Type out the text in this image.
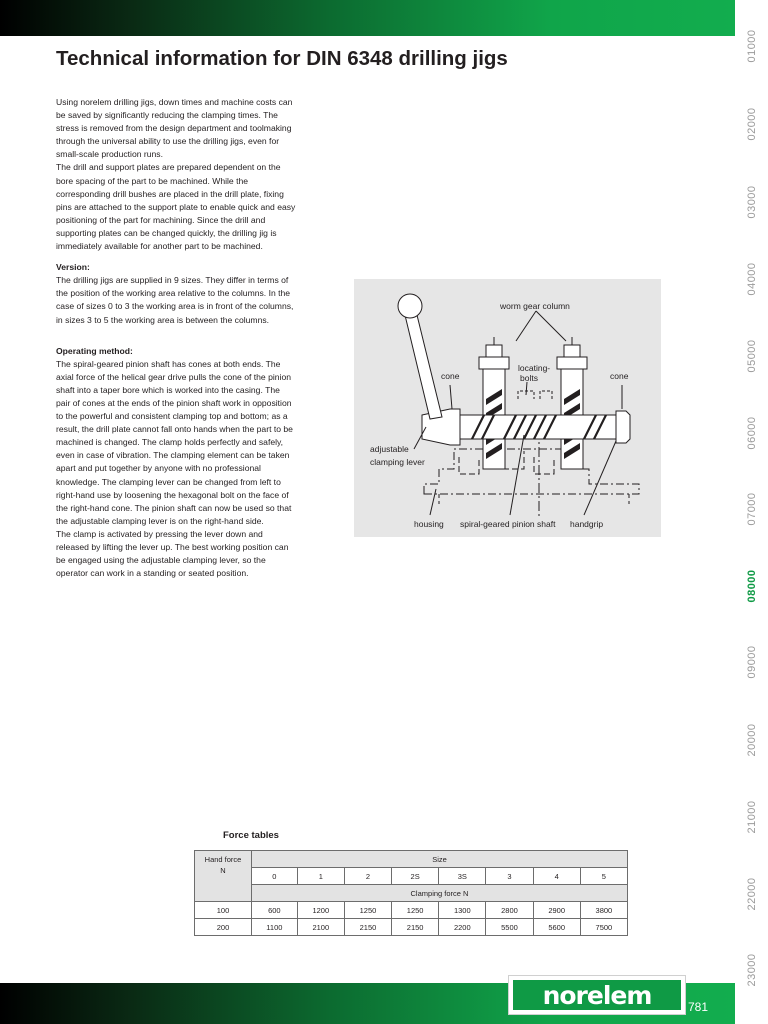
01000
02000
03000
04000
05000
06000
07000
08000
09000
20000
21000
22000
23000
Technical information for DIN 6348 drilling jigs

Using norelem drilling jigs, down times and machine costs can be saved by significantly reducing the clamping times. The stress is removed from the design department and toolmaking through the universal ability to use the drilling jigs, even for small-scale production runs.

The drill and support plates are prepared dependent on the bore spacing of the part to be machined. While the corresponding drill bushes are placed in the drill plate, fixing pins are attached to the support plate to enable quick and easy positioning of the part for machining. Since the drill and supporting plates can be changed quickly, the drilling jig is immediately available for another part to be machined.

Version:

The drilling jigs are supplied in 9 sizes. They differ in terms of the position of the working area relative to the columns. In the case of sizes 0 to 3 the working area is in front of the columns, in sizes 3 to 5 the working area is between the columns.

Operating method:

The spiral-geared pinion shaft has cones at both ends. The axial force of the helical gear drive pulls the cone of the pinion shaft into a taper bore which is worked into the casing. The pair of cones at the ends of the pinion shaft work in opposition to the powerful and consistent clamping top and bottom; as a result, the drill plate cannot fall onto hands when the part to be machined is changed. The clamp holds perfectly and safely, even in case of vibration. The clamping element can be taken apart and put together by anyone with no professional knowledge. The clamping lever can be changed from left to right-hand use by loosening the hexagonal bolt on the face of the right-hand cone. The pinion shaft can now be used so that the adjustable clamping lever is on the right-hand side.

The clamp is activated by pressing the lever down and released by lifting the lever up. The best working position can be engaged using the adjustable clamping lever, so the operator can work in a standing or seated position.

worm gear column
locating-
bolts
cone	cone
adjustable
clamping lever
housing spiral-geared pinion shaft handgrip

Force tables

Hand force
N	Size							
	0	1	2	2S	3S	3	4	5
	Clamping force N							
100	600	1200	1250	1250	1300	2800	2900	3800
200	1100	2100	2150	2150	2200	5500	5600	7500
norelem	781
